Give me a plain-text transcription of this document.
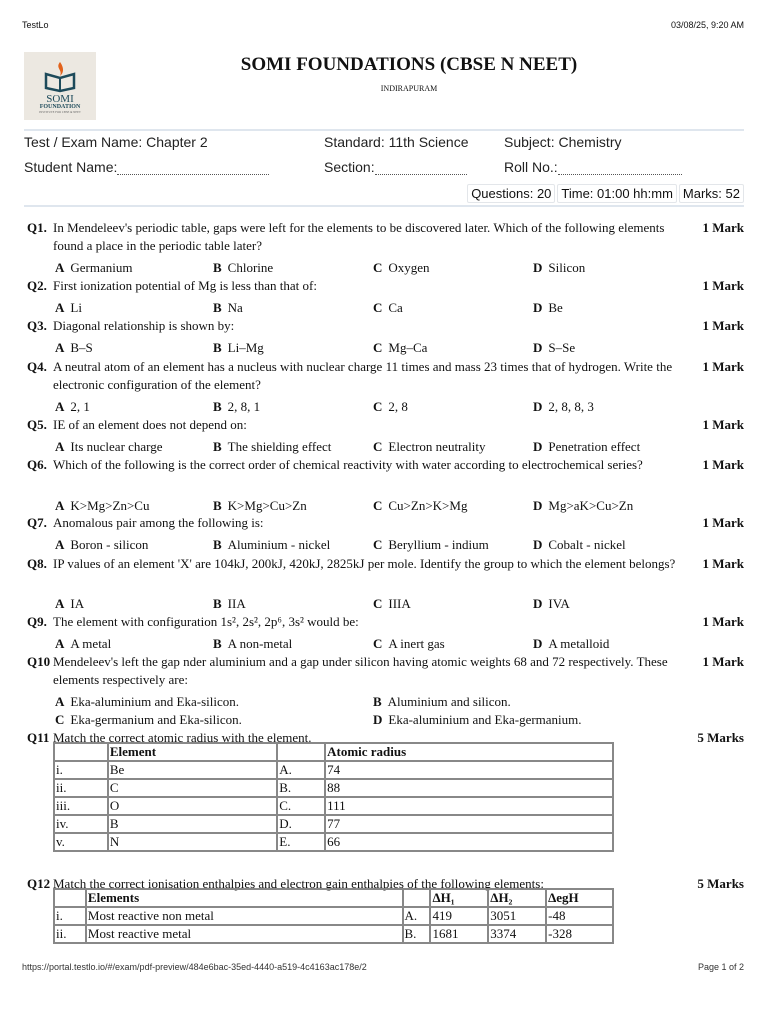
TestLo	03/08/25, 9:20 AM
SOMI
FOUNDATION
INSTITUTE FOR CBSE & NEET
SOMI FOUNDATIONS (CBSE N NEET)
INDIRAPURAM
Test / Exam Name: Chapter 2	Standard: 11th Science	Subject: Chemistry
Student Name:	Section:	Roll No.:
Questions: 20 Time: 01:00 hh:mm Marks: 52
Q1. In Mendeleev's periodic table, gaps were left for the elements to be discovered later. Which of the following elements found a place in the periodic table later?
1 Mark
A Germanium	B Chlorine	C Oxygen	D Silicon
Q2. First ionization potential of Mg is less than that of:	1 Mark
A Li	B Na	C Ca	D Be
Q3. Diagonal relationship is shown by:	1 Mark
A B–S	B Li–Mg	C Mg–Ca	D S–Se
Q4. A neutral atom of an element has a nucleus with nuclear charge 11 times and mass 23 times that of hydrogen. Write the electronic configuration of the element?
1 Mark
A 2, 1	B 2, 8, 1	C 2, 8	D 2, 8, 8, 3
Q5. IE of an element does not depend on:	1 Mark
A Its nuclear charge	B The shielding effect	C Electron neutrality	D Penetration effect
Q6. Which of the following is the correct order of chemical reactivity with water according to electrochemical series?	1 Mark
A K>Mg>Zn>Cu	B K>Mg>Cu>Zn	C Cu>Zn>K>Mg	D Mg>aK>Cu>Zn
Q7. Anomalous pair among the following is:	1 Mark
A Boron - silicon	B Aluminium - nickel	C Beryllium - indium	D Cobalt - nickel
Q8. IP values of an element 'X' are 104kJ, 200kJ, 420kJ, 2825kJ per mole. Identify the group to which the element belongs?	1 Mark
A IA	B IIA	C IIIA	D IVA
Q9. The element with configuration 1s², 2s², 2p⁶, 3s² would be:	1 Mark
A A metal	B A non-metal	C A inert gas	D A metalloid
Q10 Mendeleev's left the gap nder aluminium and a gap under silicon having atomic weights 68 and 72 respectively. These elements respectively are:
1 Mark
A Eka-aluminium and Eka-silicon.	B Aluminium and silicon.
C Eka-germanium and Eka-silicon.	D Eka-aluminium and Eka-germanium.
Q11 Match the correct atomic radius with the element.	5 Marks
Q12 Match the correct ionisation enthalpies and electron gain enthalpies of the following elements:	5 Marks
	Element		Atomic radius
i.	Be	A.	74
ii.	C	B.	88
iii.	O	C.	111
iv.	B	D.	77
v.	N	E.	66
	Elements		ΔH₁	ΔH₂	ΔegH
i.	Most reactive non metal	A.	419	3051	-48
ii.	Most reactive metal	B.	1681	3374	-328
https://portal.testlo.io/#/exam/pdf-preview/484e6bac-35ed-4440-a519-4c4163ac178e/2	Page 1 of 2
